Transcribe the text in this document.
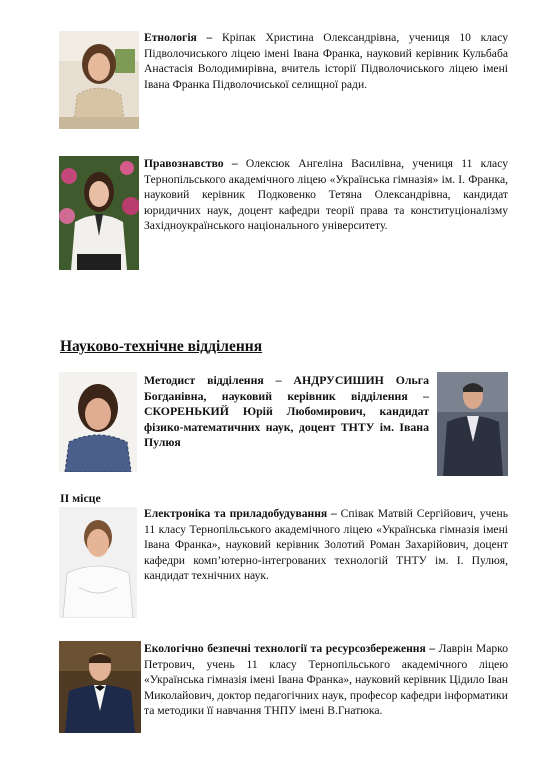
Етнологія – Кріпак Христина Олександрівна, учениця 10 класу Підволочиського ліцею імені Івана Франка, науковий керівник Кульбаба Анастасія Володимирівна, вчитель історії Підволочиського ліцею імені Івана Франка Підволочиської селищної ради.
Правознавство – Олексюк Ангеліна Василівна, учениця 11 класу Тернопільського академічного ліцею «Українська гімназія» ім. І. Франка, науковий керівник Подковенко Тетяна Олександрівна, кандидат юридичних наук, доцент кафедри теорії права та конституціоналізму Західноукраїнського національного університету.
Науково-технічне відділення
Методист відділення – АНДРУСИШИН Ольга Богданівна, науковий керівник відділення – СКОРЕНЬКИЙ Юрій Любомирович, кандидат фізико-математичних наук, доцент ТНТУ ім. Івана Пулюя
ІІ місце
Електроніка та приладобудування – Співак Матвій Сергійович, учень 11 класу Тернопільського академічного ліцею «Українська гімназія імені Івана Франка», науковий керівник Золотий Роман Захарійович, доцент кафедри комп’ютерно-інтегрованих технологій ТНТУ ім. І. Пулюя, кандидат технічних наук.
Екологічно безпечні технології та ресурсозбереження – Лаврін Марко Петрович, учень 11 класу Тернопільського академічного ліцею «Українська гімназія імені Івана Франка», науковий керівник Цідило Іван Миколайович, доктор педагогічних наук, професор кафедри інформатики та методики її навчання ТНПУ імені В.Гнатюка.
